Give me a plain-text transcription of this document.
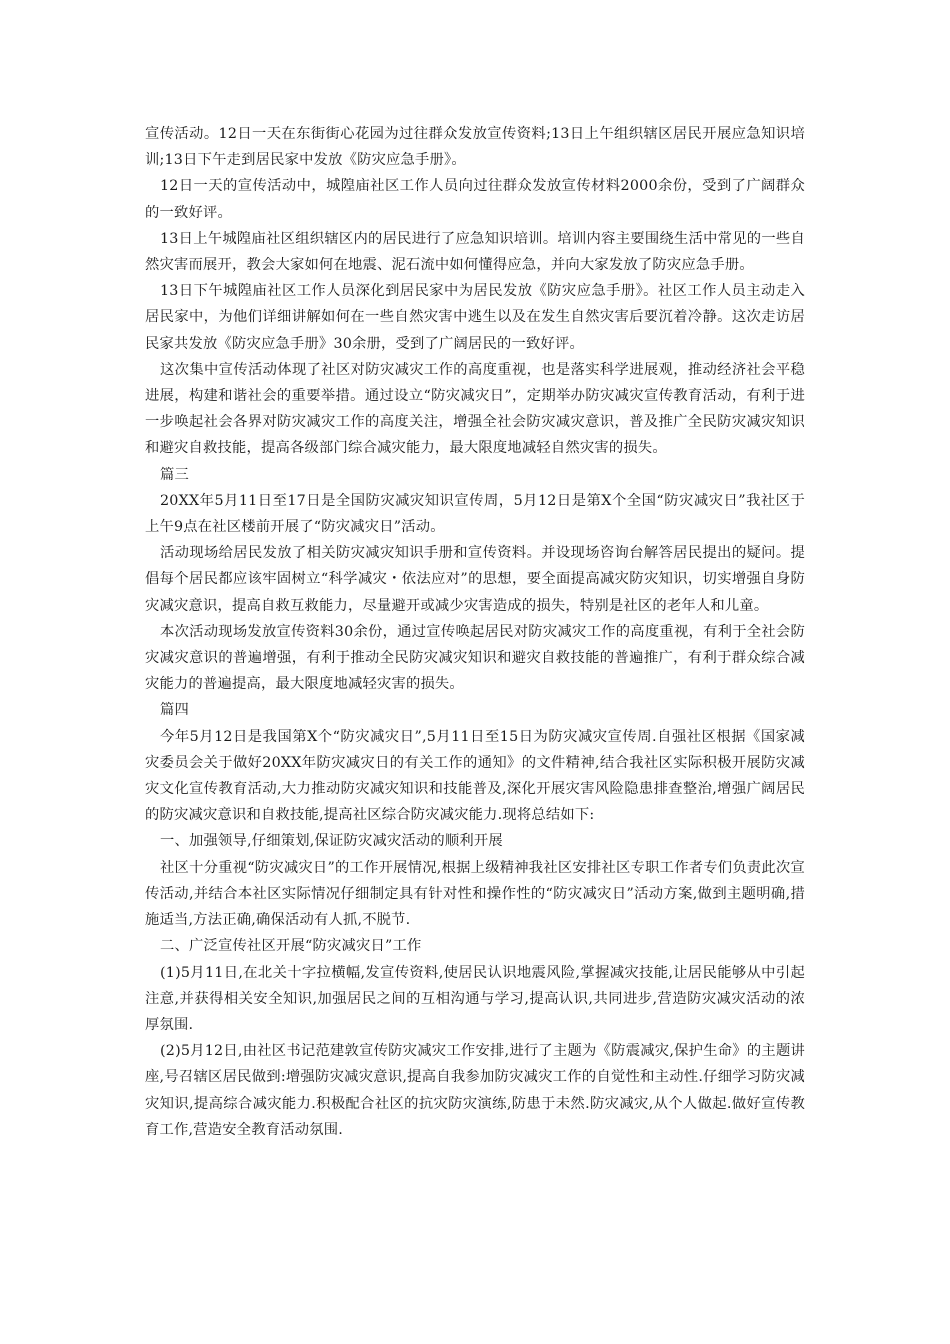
宣传活动。12日一天在东街街心花园为过往群众发放宣传资料;13日上午组织辖区居民开展应急知识培训;13日下午走到居民家中发放《防灾应急手册》。

12日一天的宣传活动中，城隍庙社区工作人员向过往群众发放宣传材料2000余份，受到了广阔群众的一致好评。

13日上午城隍庙社区组织辖区内的居民进行了应急知识培训。培训内容主要围绕生活中常见的一些自然灾害而展开，教会大家如何在地震、泥石流中如何懂得应急，并向大家发放了防灾应急手册。

13日下午城隍庙社区工作人员深化到居民家中为居民发放《防灾应急手册》。社区工作人员主动走入居民家中，为他们详细讲解如何在一些自然灾害中逃生以及在发生自然灾害后要沉着冷静。这次走访居民家共发放《防灾应急手册》30余册，受到了广阔居民的一致好评。

这次集中宣传活动体现了社区对防灾减灾工作的高度重视，也是落实科学进展观，推动经济社会平稳进展，构建和谐社会的重要举措。通过设立“防灾减灾日”，定期举办防灾减灾宣传教育活动，有利于进一步唤起社会各界对防灾减灾工作的高度关注，增强全社会防灾减灾意识，普及推广全民防灾减灾知识和避灾自救技能，提高各级部门综合减灾能力，最大限度地减轻自然灾害的损失。

篇三

20XX年5月11日至17日是全国防灾减灾知识宣传周，5月12日是第X个全国“防灾减灾日”我社区于上午9点在社区楼前开展了“防灾减灾日”活动。

活动现场给居民发放了相关防灾减灾知识手册和宣传资料。并设现场咨询台解答居民提出的疑问。提倡每个居民都应该牢固树立“科学减灾・依法应对”的思想，要全面提高减灾防灾知识，切实增强自身防灾减灾意识，提高自救互救能力，尽量避开或减少灾害造成的损失，特别是社区的老年人和儿童。

本次活动现场发放宣传资料30余份，通过宣传唤起居民对防灾减灾工作的高度重视，有利于全社会防灾减灾意识的普遍增强，有利于推动全民防灾减灾知识和避灾自救技能的普遍推广，有利于群众综合减灾能力的普遍提高，最大限度地减轻灾害的损失。

篇四

今年5月12日是我国第X个“防灾减灾日”,5月11日至15日为防灾减灾宣传周.自强社区根据《国家减灾委员会关于做好20XX年防灾减灾日的有关工作的通知》的文件精神,结合我社区实际积极开展防灾减灾文化宣传教育活动,大力推动防灾减灾知识和技能普及,深化开展灾害风险隐患排查整治,增强广阔居民的防灾减灾意识和自救技能,提高社区综合防灾减灾能力.现将总结如下:

一、加强领导,仔细策划,保证防灾减灾活动的顺利开展

社区十分重视“防灾减灾日”的工作开展情况,根据上级精神我社区安排社区专职工作者专们负责此次宣传活动,并结合本社区实际情况仔细制定具有针对性和操作性的“防灾减灾日”活动方案,做到主题明确,措施适当,方法正确,确保活动有人抓,不脱节.

二、广泛宣传社区开展“防灾减灾日”工作

(1)5月11日,在北关十字拉横幅,发宣传资料,使居民认识地震风险,掌握减灾技能,让居民能够从中引起注意,并获得相关安全知识,加强居民之间的互相沟通与学习,提高认识,共同进步,营造防灾减灾活动的浓厚氛围.

(2)5月12日,由社区书记范建敦宣传防灾减灾工作安排,进行了主题为《防震减灾,保护生命》的主题讲座,号召辖区居民做到:增强防灾减灾意识,提高自我参加防灾减灾工作的自觉性和主动性.仔细学习防灾减灾知识,提高综合减灾能力.积极配合社区的抗灾防灾演练,防患于未然.防灾减灾,从个人做起.做好宣传教育工作,营造安全教育活动氛围.
